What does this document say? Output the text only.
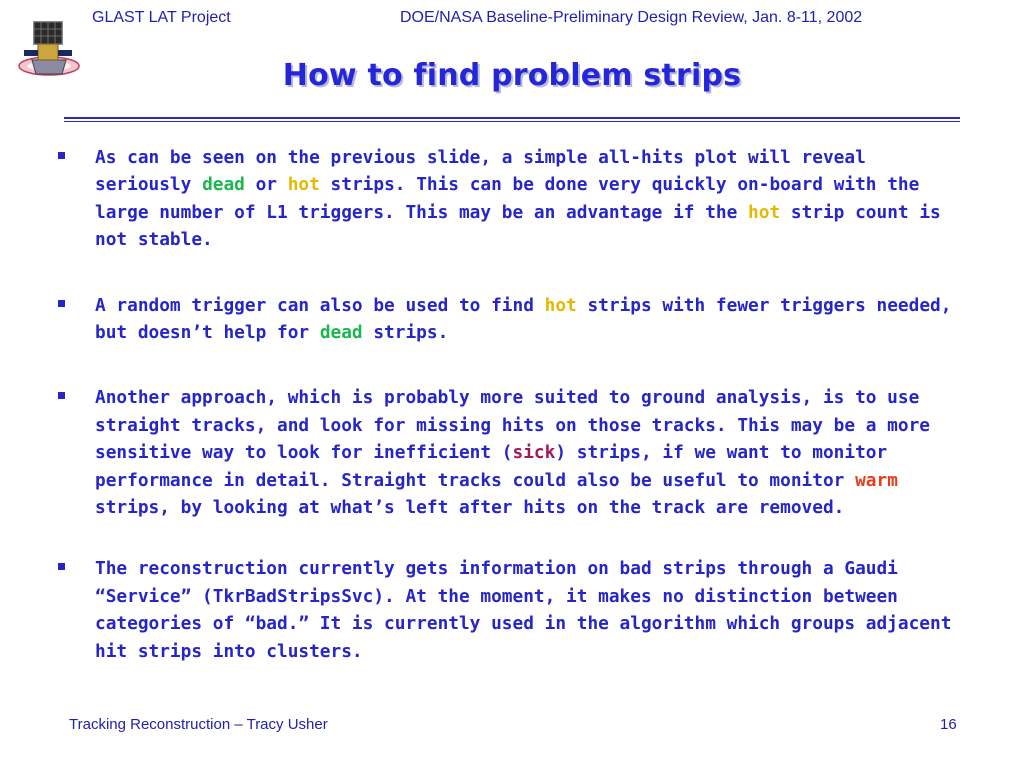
GLAST LAT Project	DOE/NASA Baseline-Preliminary Design Review, Jan. 8-11, 2002
How to find problem strips
As can be seen on the previous slide, a simple all-hits plot will reveal seriously dead or hot strips. This can be done very quickly on-board with the large number of L1 triggers. This may be an advantage if the hot strip count is not stable.
A random trigger can also be used to find hot strips with fewer triggers needed, but doesn’t help for dead strips.
Another approach, which is probably more suited to ground analysis, is to use straight tracks, and look for missing hits on those tracks. This may be a more sensitive way to look for inefficient (sick) strips, if we want to monitor performance in detail. Straight tracks could also be useful to monitor warm strips, by looking at what’s left after hits on the track are removed.
The reconstruction currently gets information on bad strips through a Gaudi “Service” (TkrBadStripsSvc). At the moment, it makes no distinction between categories of “bad.” It is currently used in the algorithm which groups adjacent hit strips into clusters.
Tracking Reconstruction – Tracy Usher	16
